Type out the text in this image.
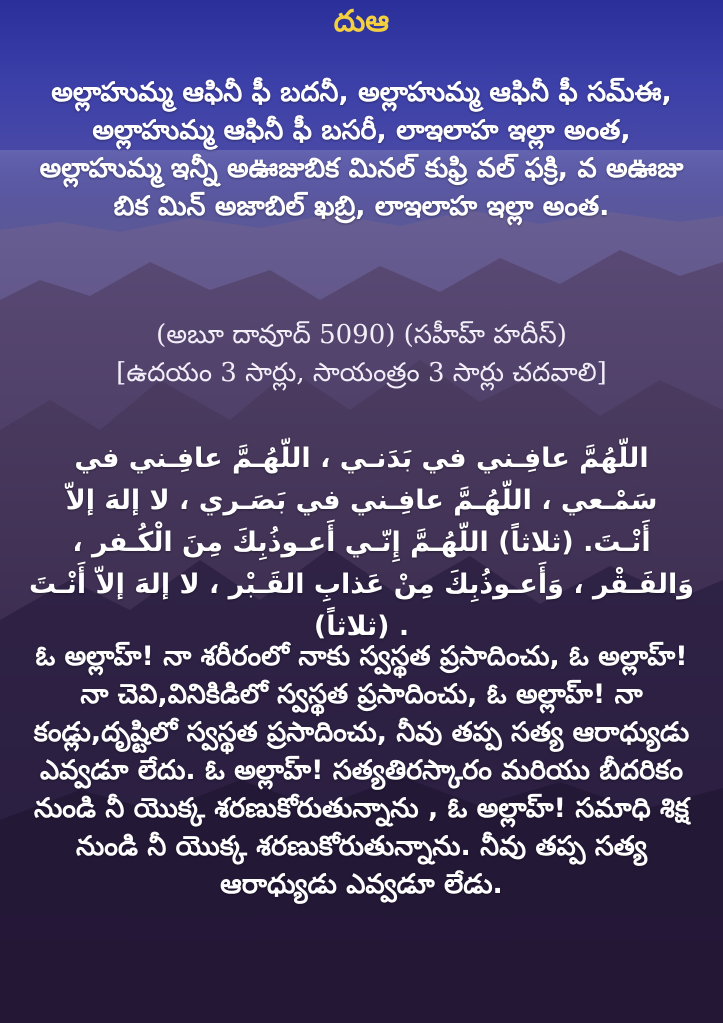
దుఆ
అల్లాహుమ్మ ఆఫినీ ఫీ బదనీ, అల్లాహుమ్మ ఆఫినీ ఫీ సమ్ఈ, అల్లాహుమ్మ ఆఫినీ ఫీ బసరీ, లాఇలాహ ఇల్లా అంత, అల్లాహుమ్మ ఇన్నీ అఊజుబిక మినల్ కుఫ్రి వల్ ఫక్రి, వ అఊజు బిక మిన్ అజాబిల్ ఖబ్రి, లాఇలాహ ఇల్లా అంత.
(అబూ దావూద్ 5090) (సహీహ్ హదీస్)
[ఉదయం 3 సార్లు, సాయంత్రం 3 సార్లు చదవాలి]
اللّهُمَّ عافِـني في بَدَنـي ، اللّهُـمَّ عافِـني في سَمْـعي ، اللّهُـمَّ عافِـني في بَصَـري ، لا إلهَ إلاّ أَنْـتَ. (ثلاثاً) اللّهُـمَّ إِنّـي أَعـوذُبِكَ مِنَ الْكُـفر ، وَالفَـقْر ، وَأَعـوذُبِكَ مِنْ عَذابِ القَـبْر ، لا إلهَ إلاّ أَنْـتَ . (ثلاثاً)
ఓ అల్లాహ్! నా శరీరంలో నాకు స్వస్థత ప్రసాదించు, ఓ అల్లాహ్! నా చెవి,వినికిడిలో స్వస్థత ప్రసాదించు, ఓ అల్లాహ్! నా కండ్లు,దృష్టిలో స్వస్థత ప్రసాదించు, నీవు తప్ప సత్య ఆరాధ్యుడు ఎవ్వడూ లేదు. ఓ అల్లాహ్! సత్యతిరస్కారం మరియు బీదరికం నుండి నీ యొక్క శరణుకోరుతున్నాను , ఓ అల్లాహ్! సమాధి శిక్ష నుండి నీ యొక్క శరణుకోరుతున్నాను. నీవు తప్ప సత్య ఆరాధ్యుడు ఎవ్వడూ లేడు.
